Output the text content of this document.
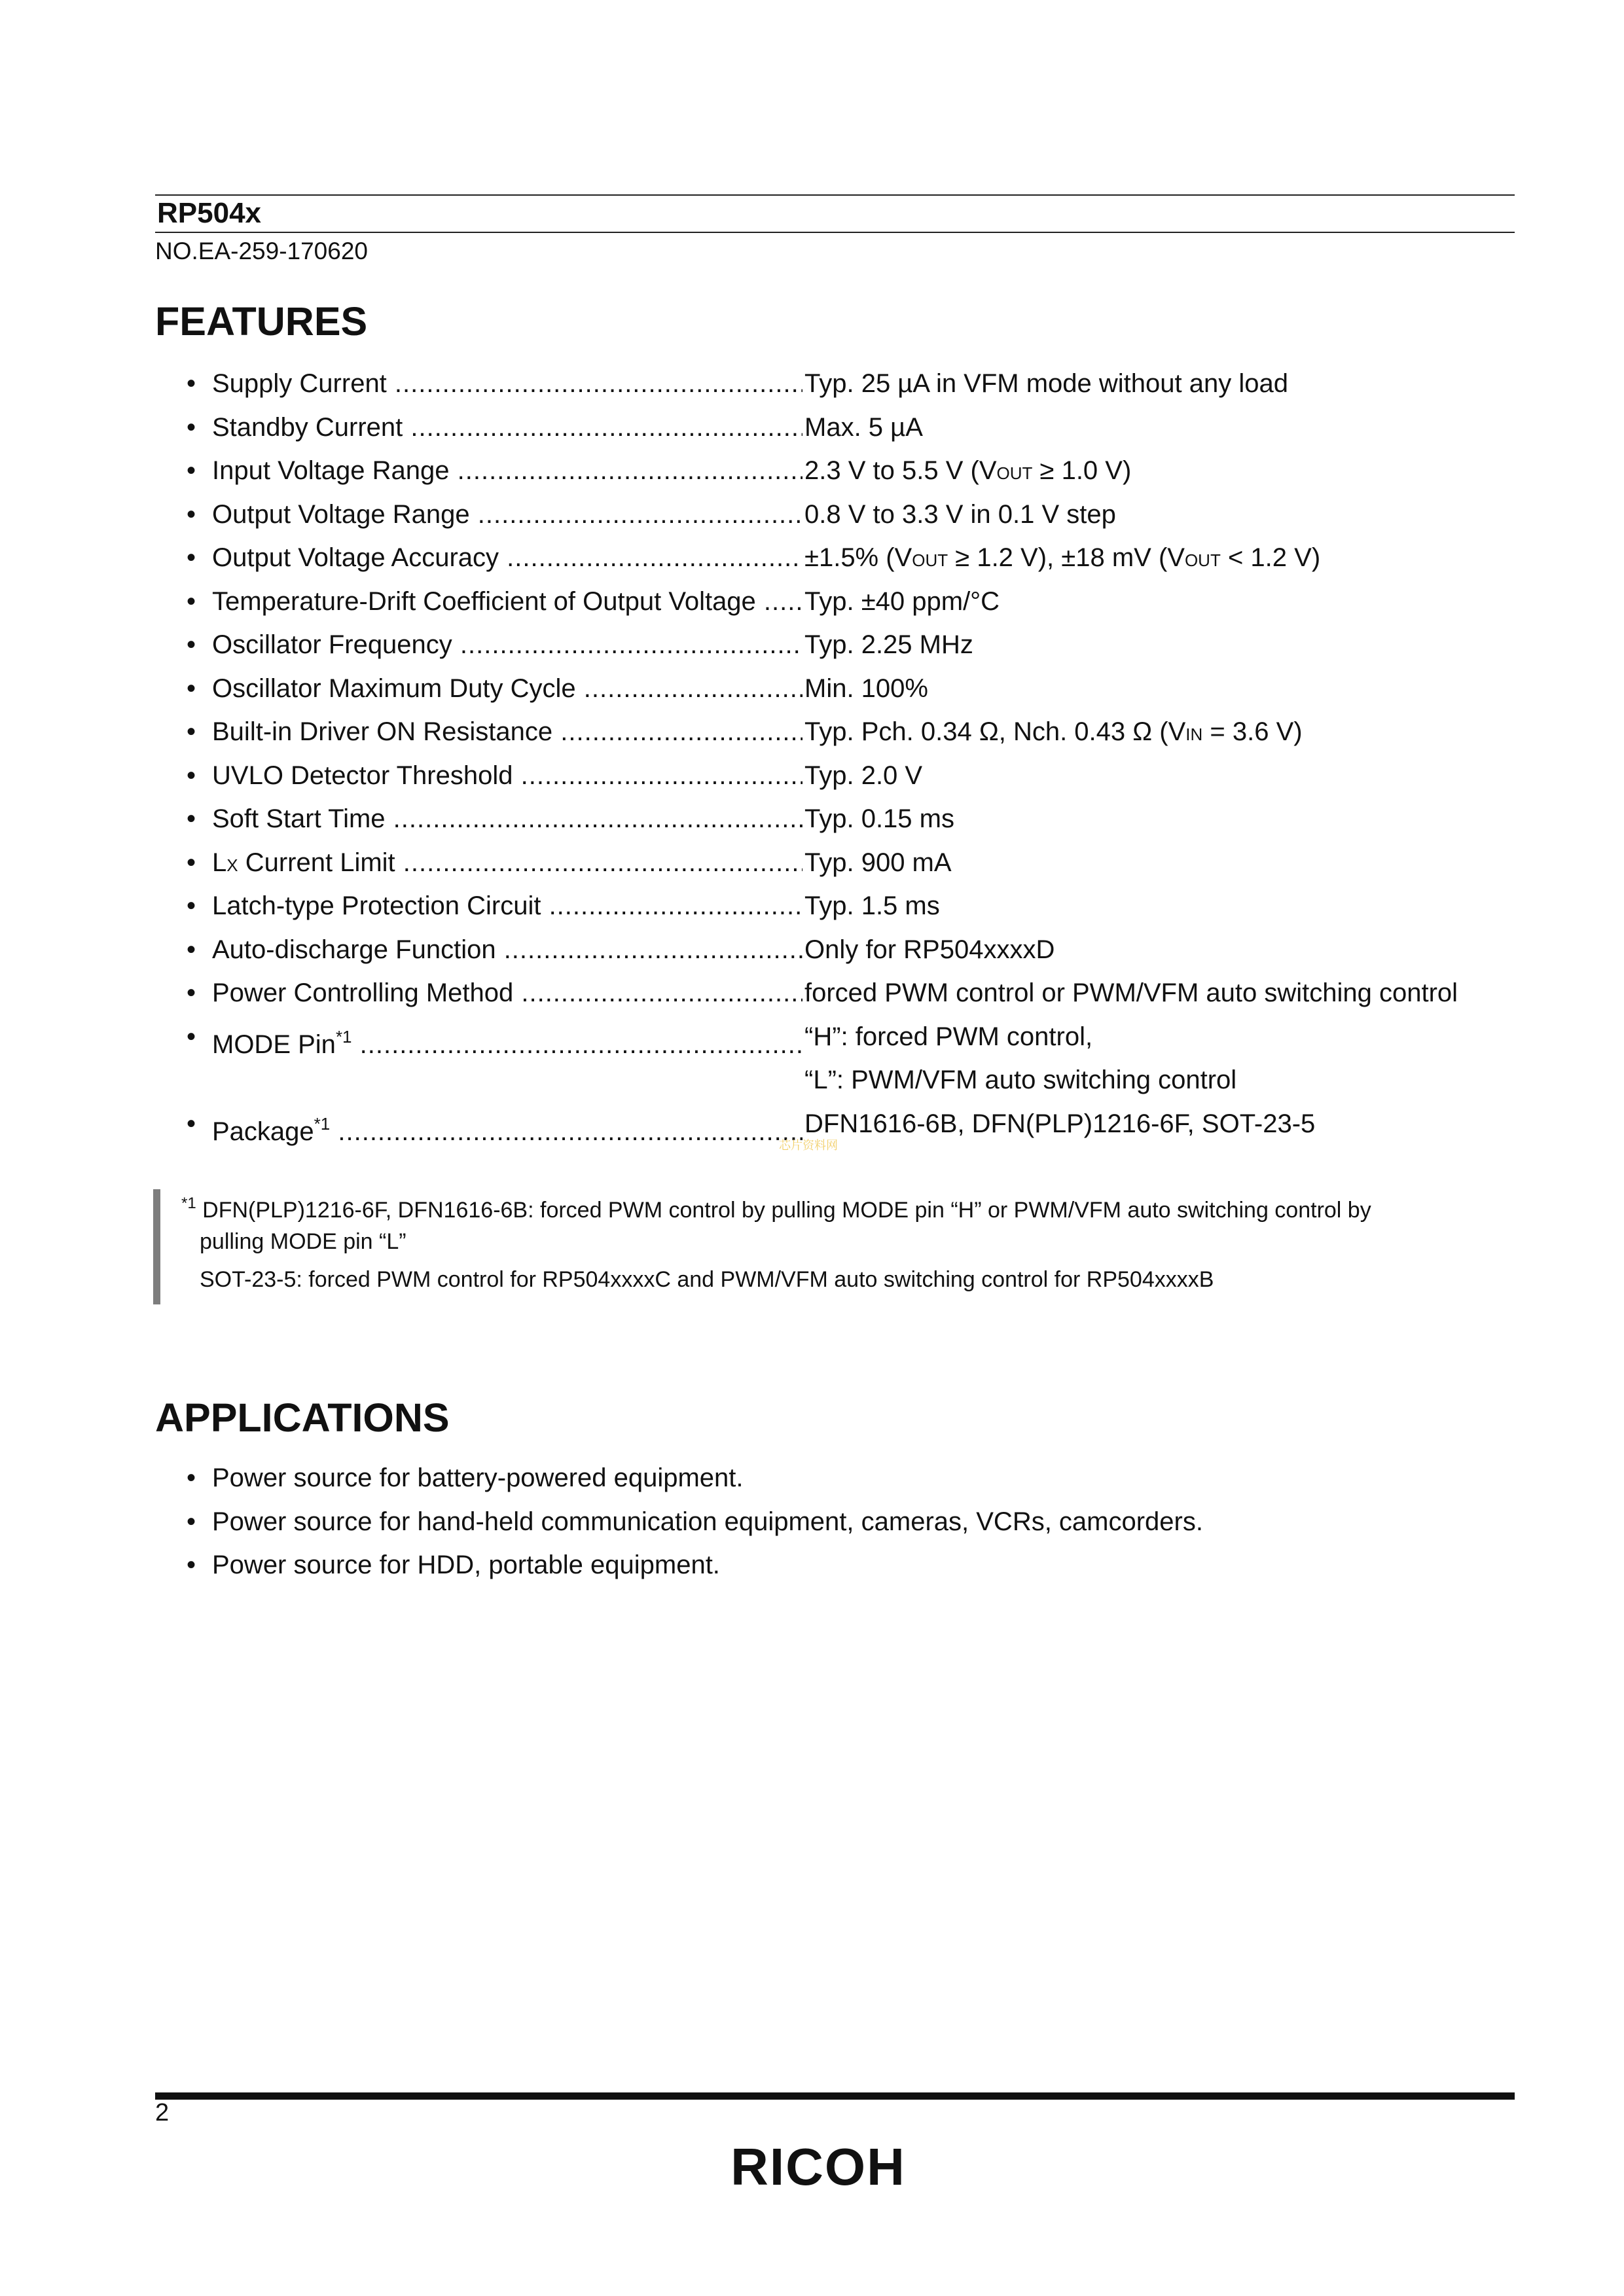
RP504x
NO.EA-259-170620
FEATURES
• Supply Current .....	Typ. 25 µA in VFM mode without any load
• Standby Current .....	Max. 5 µA
• Input Voltage Range .....	2.3 V to 5.5 V (VOUT ≥ 1.0 V)
• Output Voltage Range .....	0.8 V to 3.3 V in 0.1 V step
• Output Voltage Accuracy .....	±1.5% (VOUT ≥ 1.2 V), ±18 mV (VOUT < 1.2 V)
• Temperature-Drift Coefficient of Output Voltage .....	Typ. ±40 ppm/°C
• Oscillator Frequency .....	Typ. 2.25 MHz
• Oscillator Maximum Duty Cycle .....	Min. 100%
• Built-in Driver ON Resistance .....	Typ. Pch. 0.34 Ω, Nch. 0.43 Ω (VIN = 3.6 V)
• UVLO Detector Threshold .....	Typ. 2.0 V
• Soft Start Time .....	Typ. 0.15 ms
• LX Current Limit .....	Typ. 900 mA
• Latch-type Protection Circuit .....	Typ. 1.5 ms
• Auto-discharge Function .....	Only for RP504xxxxD
• Power Controlling Method .....	forced PWM control or PWM/VFM auto switching control
• MODE Pin$^{*1}$ .....	“H”: forced PWM control,
“L”: PWM/VFM auto switching control
• Package$^{*1}$ .....	DFN1616-6B, DFN(PLP)1216-6F, SOT-23-5
芯片资料网
$^{*1}$ DFN(PLP)1216-6F, DFN1616-6B: forced PWM control by pulling MODE pin “H” or PWM/VFM auto switching control by
pulling MODE pin “L”
SOT-23-5: forced PWM control for RP504xxxxC and PWM/VFM auto switching control for RP504xxxxB
APPLICATIONS
• Power source for battery-powered equipment.
• Power source for hand-held communication equipment, cameras, VCRs, camcorders.
• Power source for HDD, portable equipment.
2
RICOH
